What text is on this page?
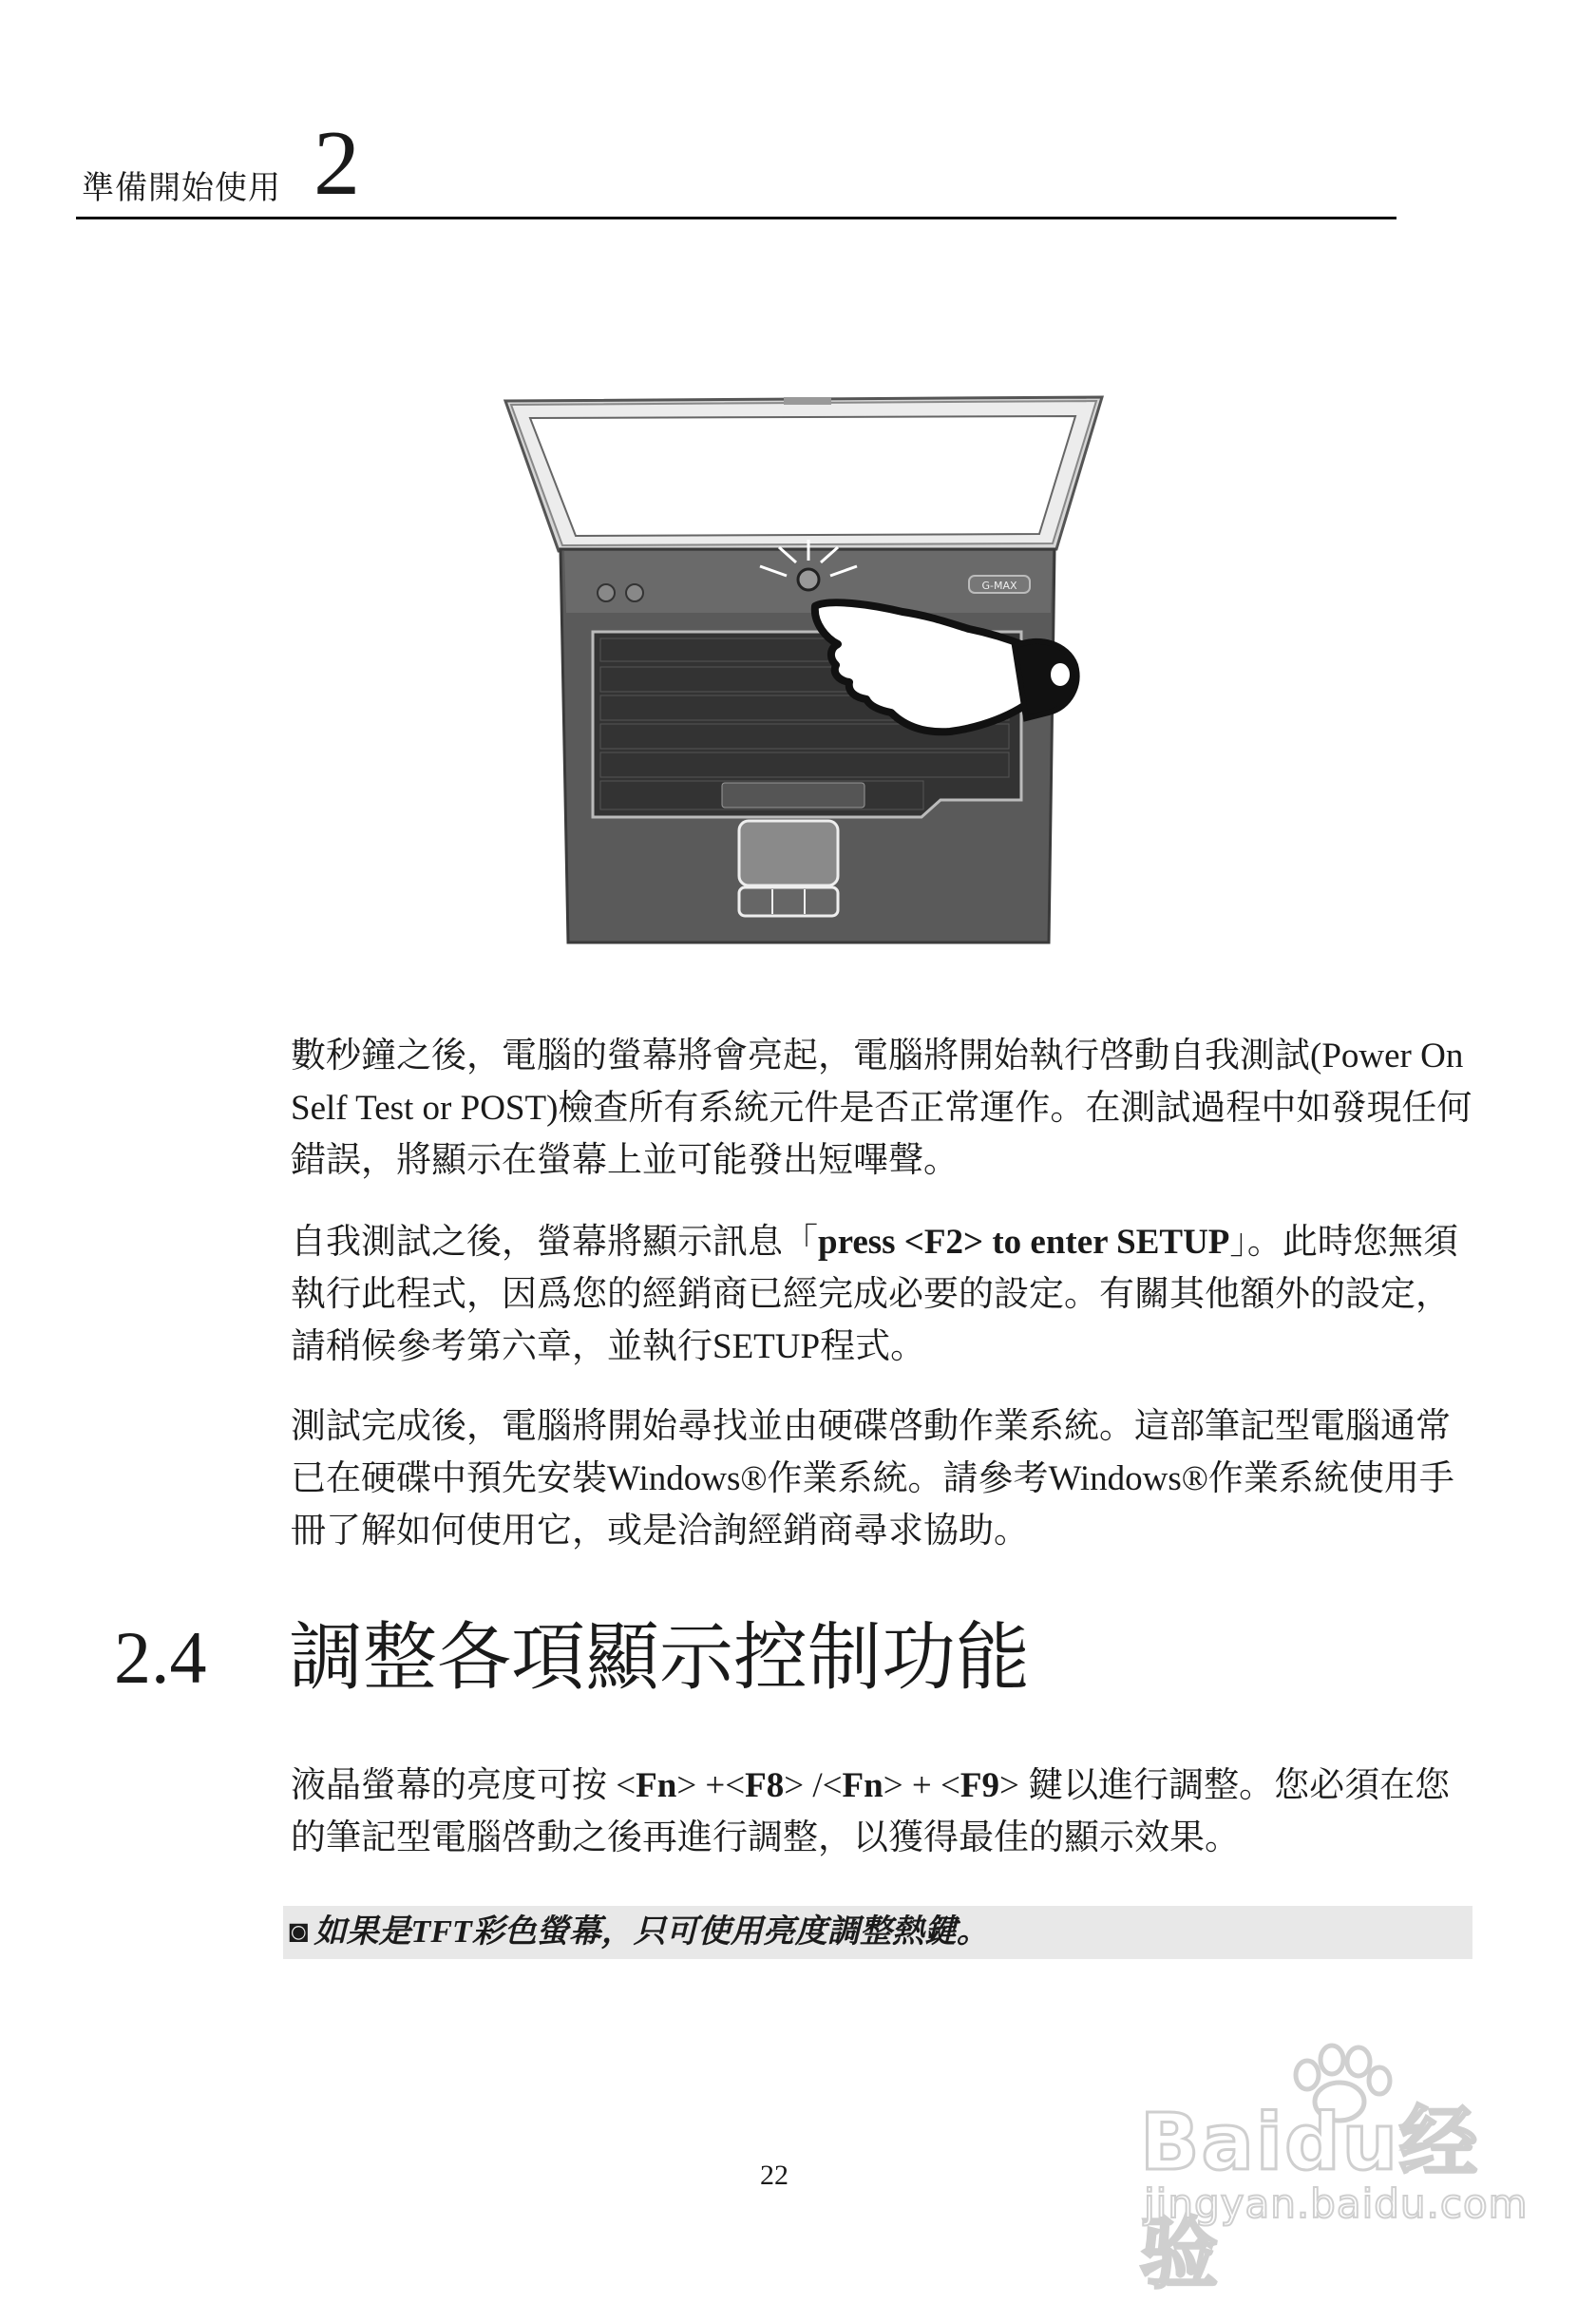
準備開始使用 2
G-MAX

數秒鐘之後，電腦的螢幕將會亮起，電腦將開始執行啓動自我測試(Power On Self Test or POST)檢查所有系統元件是否正常運作。在測試過程中如發現任何錯誤，將顯示在螢幕上並可能發出短嗶聲。

自我測試之後，螢幕將顯示訊息「press <F2> to enter SETUP」。此時您無須執行此程式，因爲您的經銷商已經完成必要的設定。有關其他額外的設定，請稍候參考第六章，並執行SETUP程式。

測試完成後，電腦將開始尋找並由硬碟啓動作業系統。這部筆記型電腦通常已在硬碟中預先安裝Windows®作業系統。請參考Windows®作業系統使用手冊了解如何使用它，或是洽詢經銷商尋求協助。

2.4 調整各項顯示控制功能

液晶螢幕的亮度可按 <Fn> +<F8> /<Fn> + <F9> 鍵以進行調整。您必須在您的筆記型電腦啓動之後再進行調整，以獲得最佳的顯示效果。

◙ 如果是TFT彩色螢幕，只可使用亮度調整熱鍵。
22	Baidu经验
jingyan.baidu.com
